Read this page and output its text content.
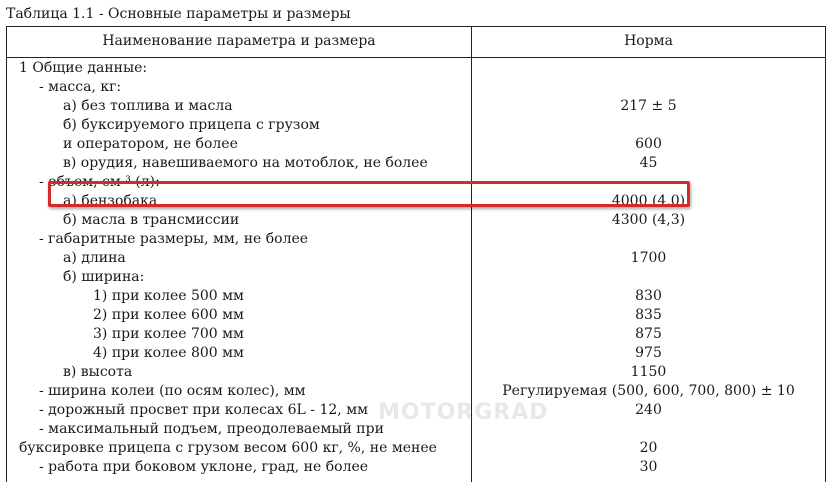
Таблица 1.1 - Основные параметры и размеры
Наименование параметра и размера	Норма
1 Общие данные:
- масса, кг:
а) без топлива и масла	217 ± 5
б) буксируемого прицепа с грузом
и оператором, не более	600
в) орудия, навешиваемого на мотоблок, не более	45
- объем, см ³ (л):
а) бензобака	4000 (4,0)
б) масла в трансмиссии	4300 (4,3)
- габаритные размеры, мм, не более
а) длина	1700
б) ширина:
1) при колее 500 мм	830
2) при колее 600 мм	835
3) при колее 700 мм	875
4) при колее 800 мм	975
в) высота	1150
- ширина колеи (по осям колес), мм	Регулируемая (500, 600, 700, 800) ± 10
- дорожный просвет при колесах 6L - 12, мм	240
- максимальный подъем, преодолеваемый при
буксировке прицепа с грузом весом 600 кг, %, не менее	20
- работа при боковом уклоне, град, не более	30
MOTORGRAD
